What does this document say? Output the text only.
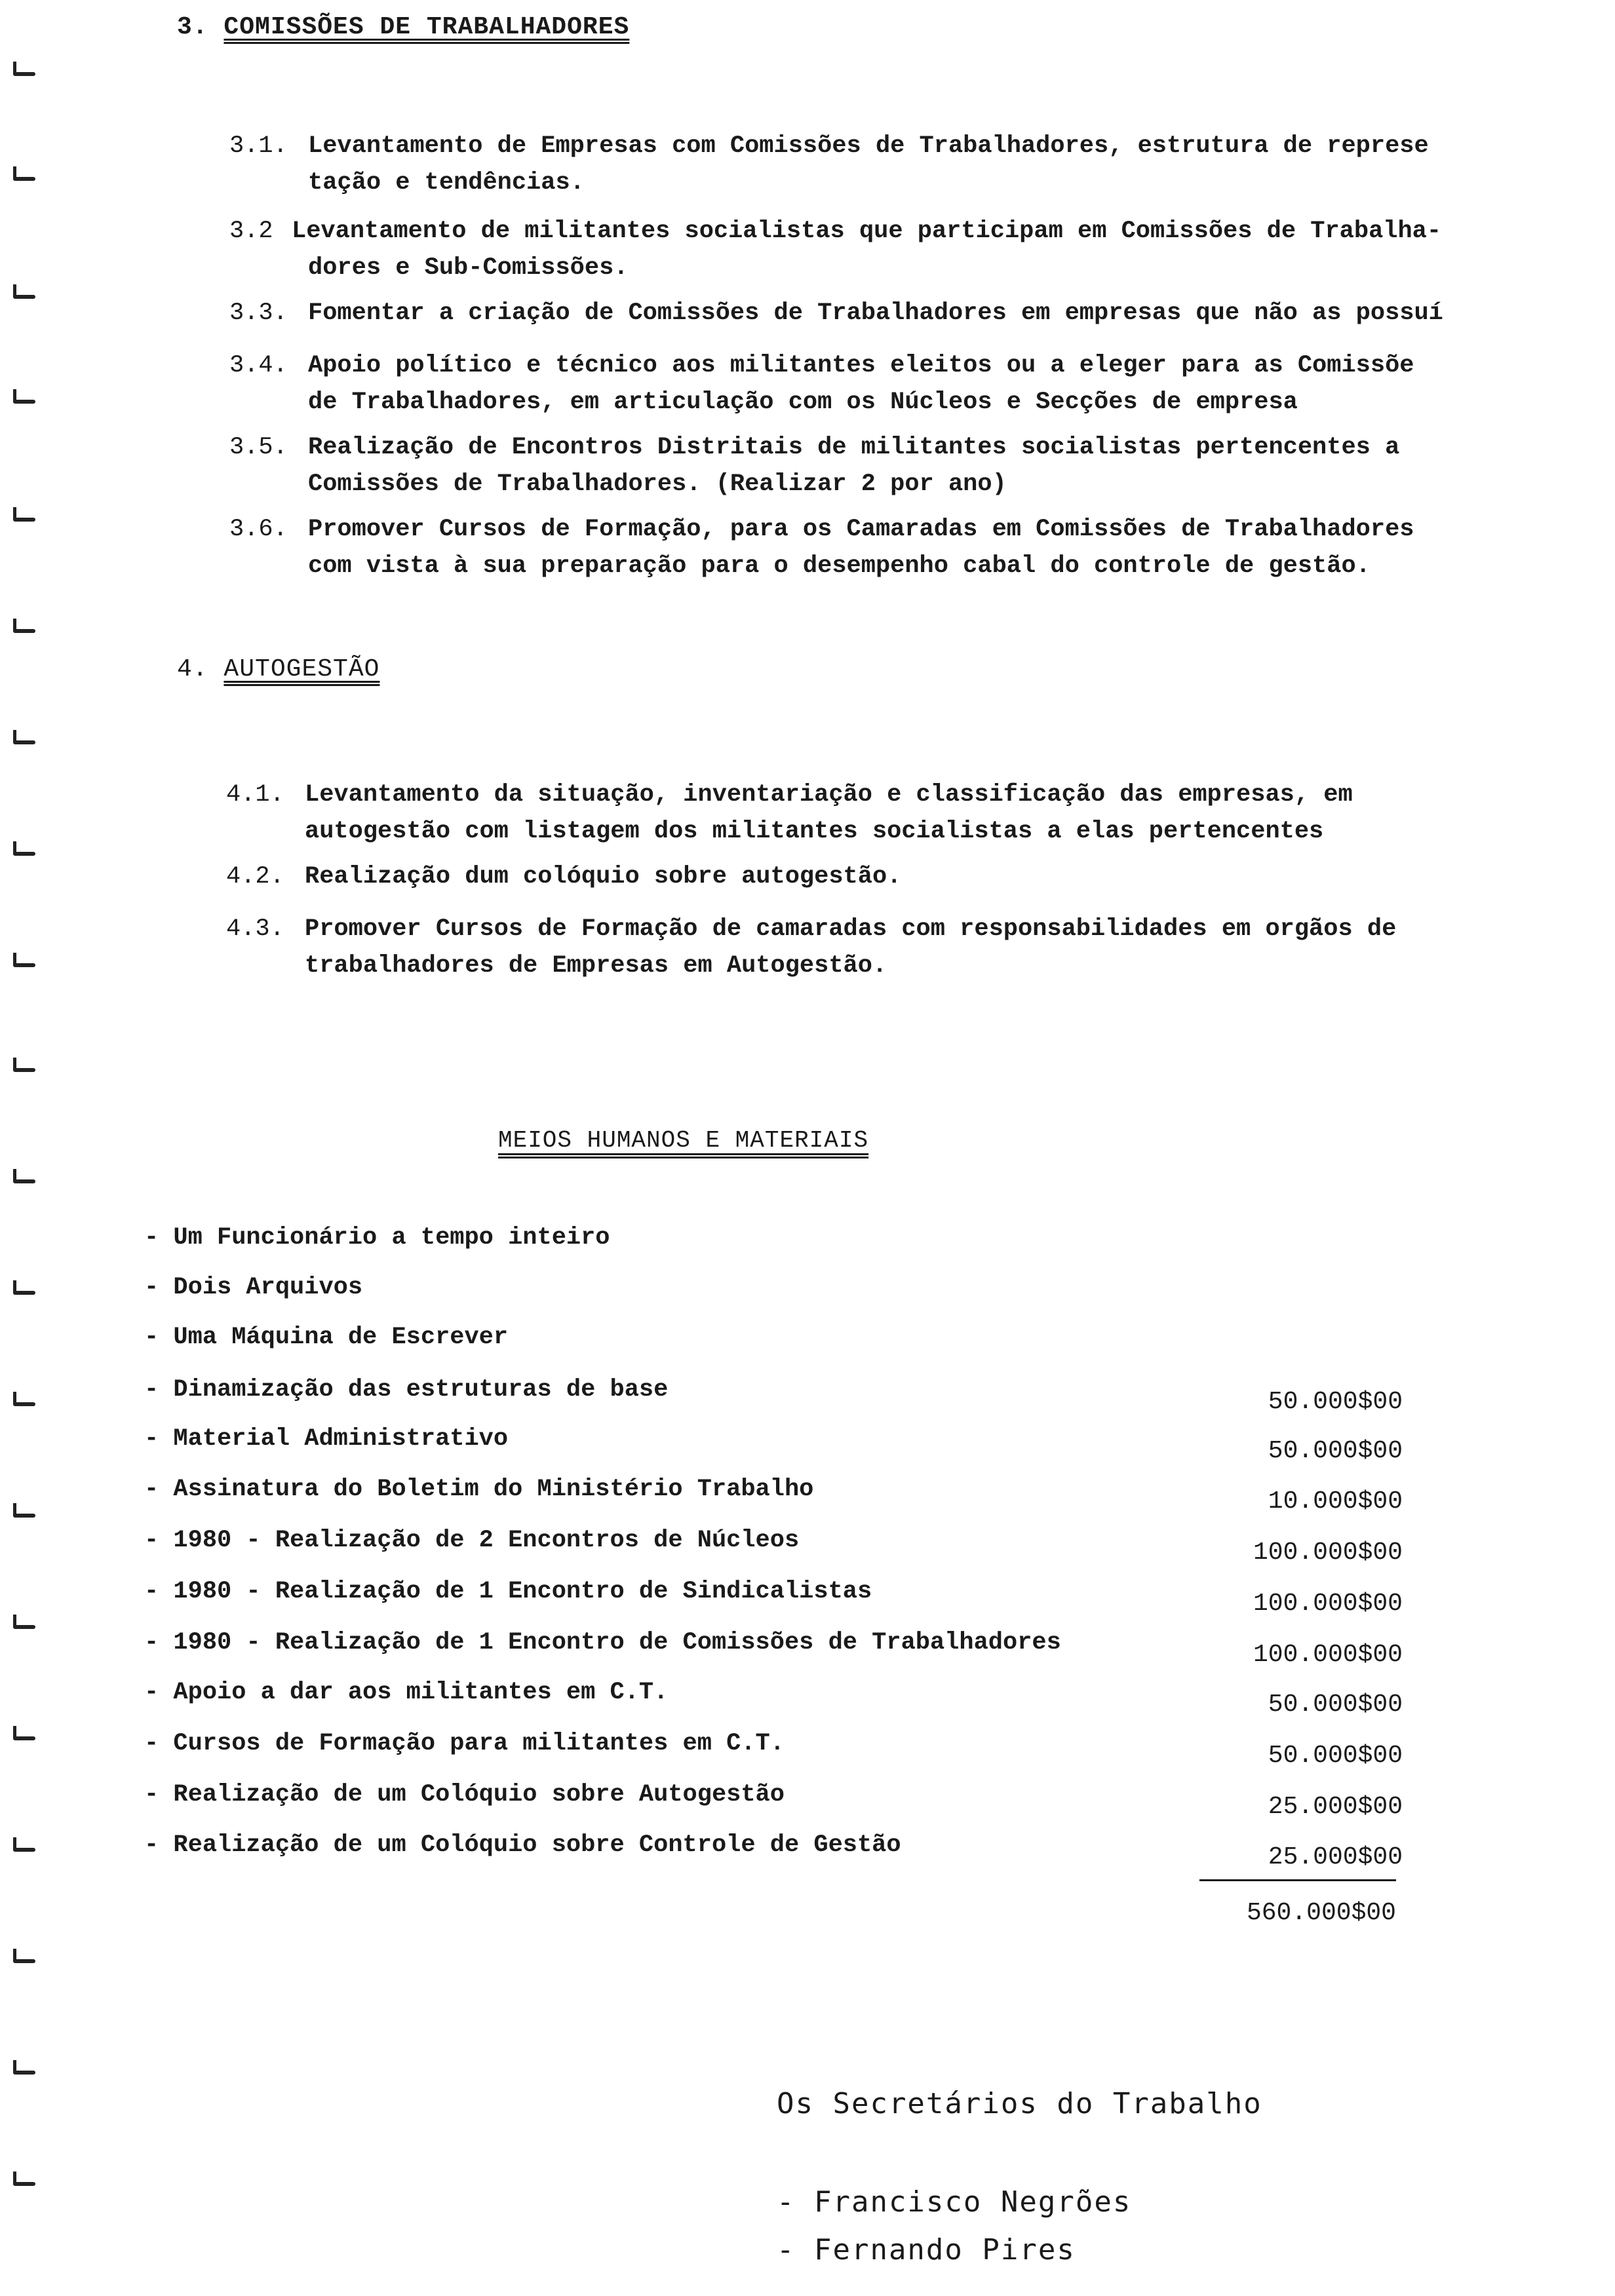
3. COMISSÕES DE TRABALHADORES
3.1. Levantamento de Empresas com Comissões de Trabalhadores, estrutura de represe
tação e tendências.
3.2 Levantamento de militantes socialistas que participam em Comissões de Trabalha-
dores e Sub-Comissões.
3.3. Fomentar a criação de Comissões de Trabalhadores em empresas que não as possuí
3.4. Apoio político e técnico aos militantes eleitos ou a eleger para as Comissõe
de Trabalhadores, em articulação com os Núcleos e Secções de empresa
3.5. Realização de Encontros Distritais de militantes socialistas pertencentes a
Comissões de Trabalhadores. (Realizar 2 por ano)
3.6. Promover Cursos de Formação, para os Camaradas em Comissões de Trabalhadores
com vista à sua preparação para o desempenho cabal do controle de gestão.
4. AUTOGESTÃO
4.1. Levantamento da situação, inventariação e classificação das empresas, em
autogestão com listagem dos militantes socialistas a elas pertencentes
4.2. Realização dum colóquio sobre autogestão.
4.3. Promover Cursos de Formação de camaradas com responsabilidades em orgãos de
trabalhadores de Empresas em Autogestão.
MEIOS HUMANOS E MATERIAIS
- Um Funcionário a tempo inteiro
- Dois Arquivos
- Uma Máquina de Escrever
- Dinamização das estruturas de base	50.000$00
- Material Administrativo	50.000$00
- Assinatura do Boletim do Ministério Trabalho	10.000$00
- 1980 - Realização de 2 Encontros de Núcleos	100.000$00
- 1980 - Realização de 1 Encontro de Sindicalistas	100.000$00
- 1980 - Realização de 1 Encontro de Comissões de Trabalhadores	100.000$00
- Apoio a dar aos militantes em C.T.	50.000$00
- Cursos de Formação para militantes em C.T.	50.000$00
- Realização de um Colóquio sobre Autogestão	25.000$00
- Realização de um Colóquio sobre Controle de Gestão	25.000$00
560.000$00
Os Secretários do Trabalho
- Francisco Negrões
- Fernando Pires
